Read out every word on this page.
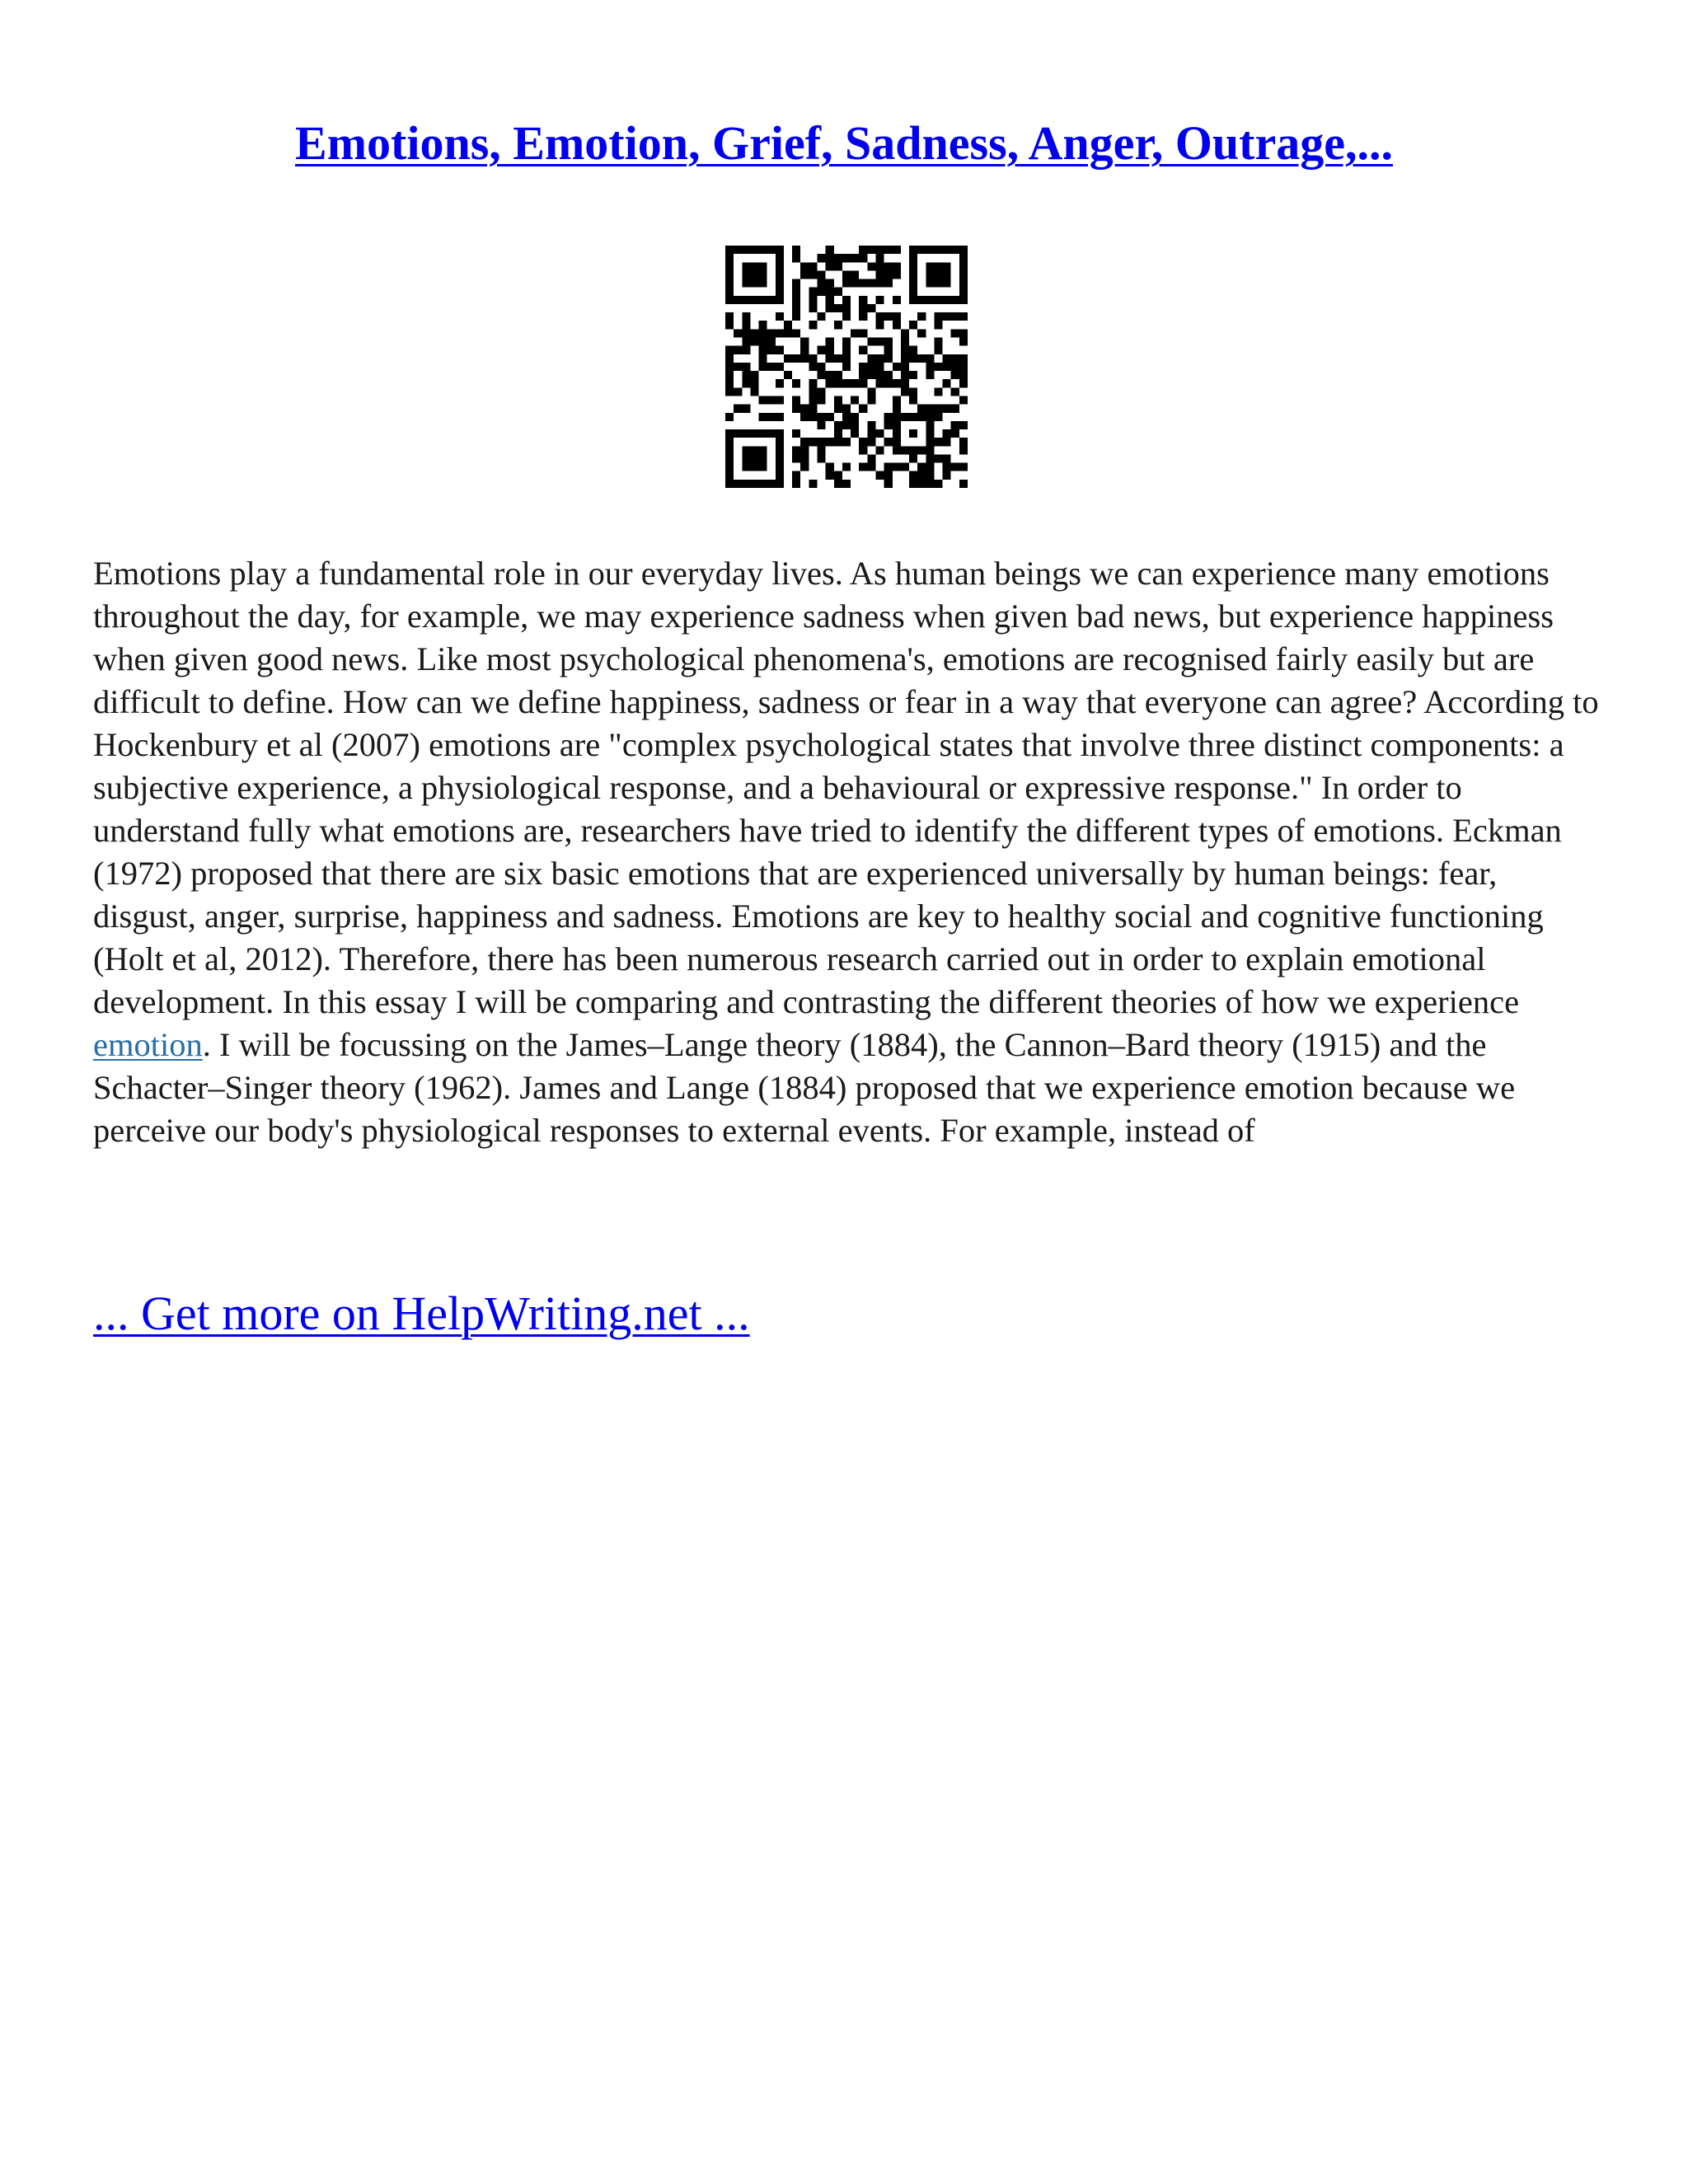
Emotions, Emotion, Grief, Sadness, Anger, Outrage,...

Emotions play a fundamental role in our everyday lives. As human beings we can experience many emotions throughout the day, for example, we may experience sadness when given bad news, but experience happiness when given good news. Like most psychological phenomena's, emotions are recognised fairly easily but are difficult to define. How can we define happiness, sadness or fear in a way that everyone can agree? According to Hockenbury et al (2007) emotions are "complex psychological states that involve three distinct components: a subjective experience, a physiological response, and a behavioural or expressive response." In order to understand fully what emotions are, researchers have tried to identify the different types of emotions. Eckman (1972) proposed that there are six basic emotions that are experienced universally by human beings: fear, disgust, anger, surprise, happiness and sadness. Emotions are key to healthy social and cognitive functioning (Holt et al, 2012). Therefore, there has been numerous research carried out in order to explain emotional development. In this essay I will be comparing and contrasting the different theories of how we experience emotion. I will be focussing on the James–Lange theory (1884), the Cannon–Bard theory (1915) and the Schacter–Singer theory (1962). James and Lange (1884) proposed that we experience emotion because we perceive our body's physiological responses to external events. For example, instead of

... Get more on HelpWriting.net ...
